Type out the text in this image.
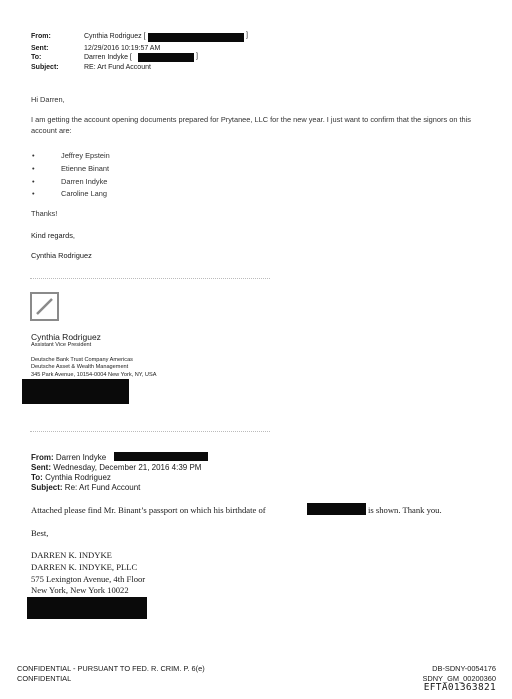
From:	Cynthia Rodriguez [	]
Sent:	12/29/2016 10:19:57 AM
To:	Darren Indyke [	]
Subject:	RE: Art Fund Account
Hi Darren,
I am getting the account opening documents prepared for Prytanee, LLC for the new year. I just want to confirm that the signors on this account are:
•	Jeffrey Epstein
•	Etienne Binant
•	Darren Indyke
•	Caroline Lang
Thanks!
Kind regards,
Cynthia Rodriguez
Cynthia Rodriguez
Assistant Vice President
Deutsche Bank Trust Company Americas
Deutsche Asset & Wealth Management
345 Park Avenue, 10154-0004 New York, NY, USA
From: Darren Indyke
Sent: Wednesday, December 21, 2016 4:39 PM
To: Cynthia Rodriguez
Subject: Re: Art Fund Account
Attached please find Mr. Binant’s passport on which his birthdate of	is shown. Thank you.
Best,
DARREN K. INDYKE
DARREN K. INDYKE, PLLC
575 Lexington Avenue, 4th Floor
New York, New York 10022
CONFIDENTIAL - PURSUANT TO FED. R. CRIM. P. 6(e)
CONFIDENTIAL
DB-SDNY-0054176
SDNY_GM_00200360
EFTA01363821
